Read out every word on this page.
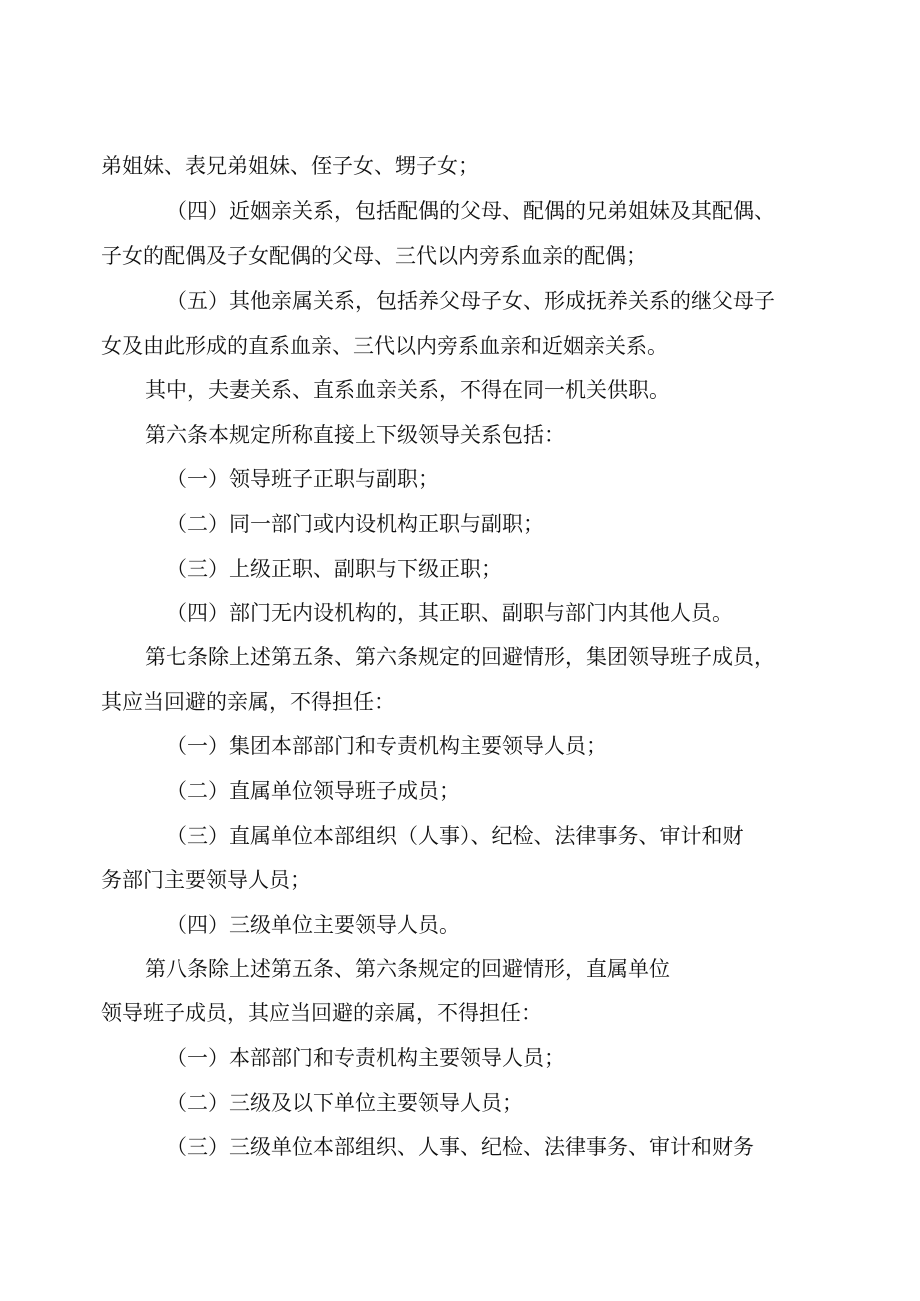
弟姐妹、表兄弟姐妹、侄子女、甥子女；
（四）近姻亲关系，包括配偶的父母、配偶的兄弟姐妹及其配偶、
子女的配偶及子女配偶的父母、三代以内旁系血亲的配偶；
（五）其他亲属关系，包括养父母子女、形成抚养关系的继父母子
女及由此形成的直系血亲、三代以内旁系血亲和近姻亲关系。
其中，夫妻关系、直系血亲关系，不得在同一机关供职。
第六条本规定所称直接上下级领导关系包括：
（一）领导班子正职与副职；
（二）同一部门或内设机构正职与副职；
（三）上级正职、副职与下级正职；
（四）部门无内设机构的，其正职、副职与部门内其他人员。
第七条除上述第五条、第六条规定的回避情形，集团领导班子成员，
其应当回避的亲属，不得担任：
（一）集团本部部门和专责机构主要领导人员；
（二）直属单位领导班子成员；
（三）直属单位本部组织（人事）、纪检、法律事务、审计和财
务部门主要领导人员；
（四）三级单位主要领导人员。
第八条除上述第五条、第六条规定的回避情形，直属单位
领导班子成员，其应当回避的亲属，不得担任：
（一）本部部门和专责机构主要领导人员；
（二）三级及以下单位主要领导人员；
（三）三级单位本部组织、人事、纪检、法律事务、审计和财务
